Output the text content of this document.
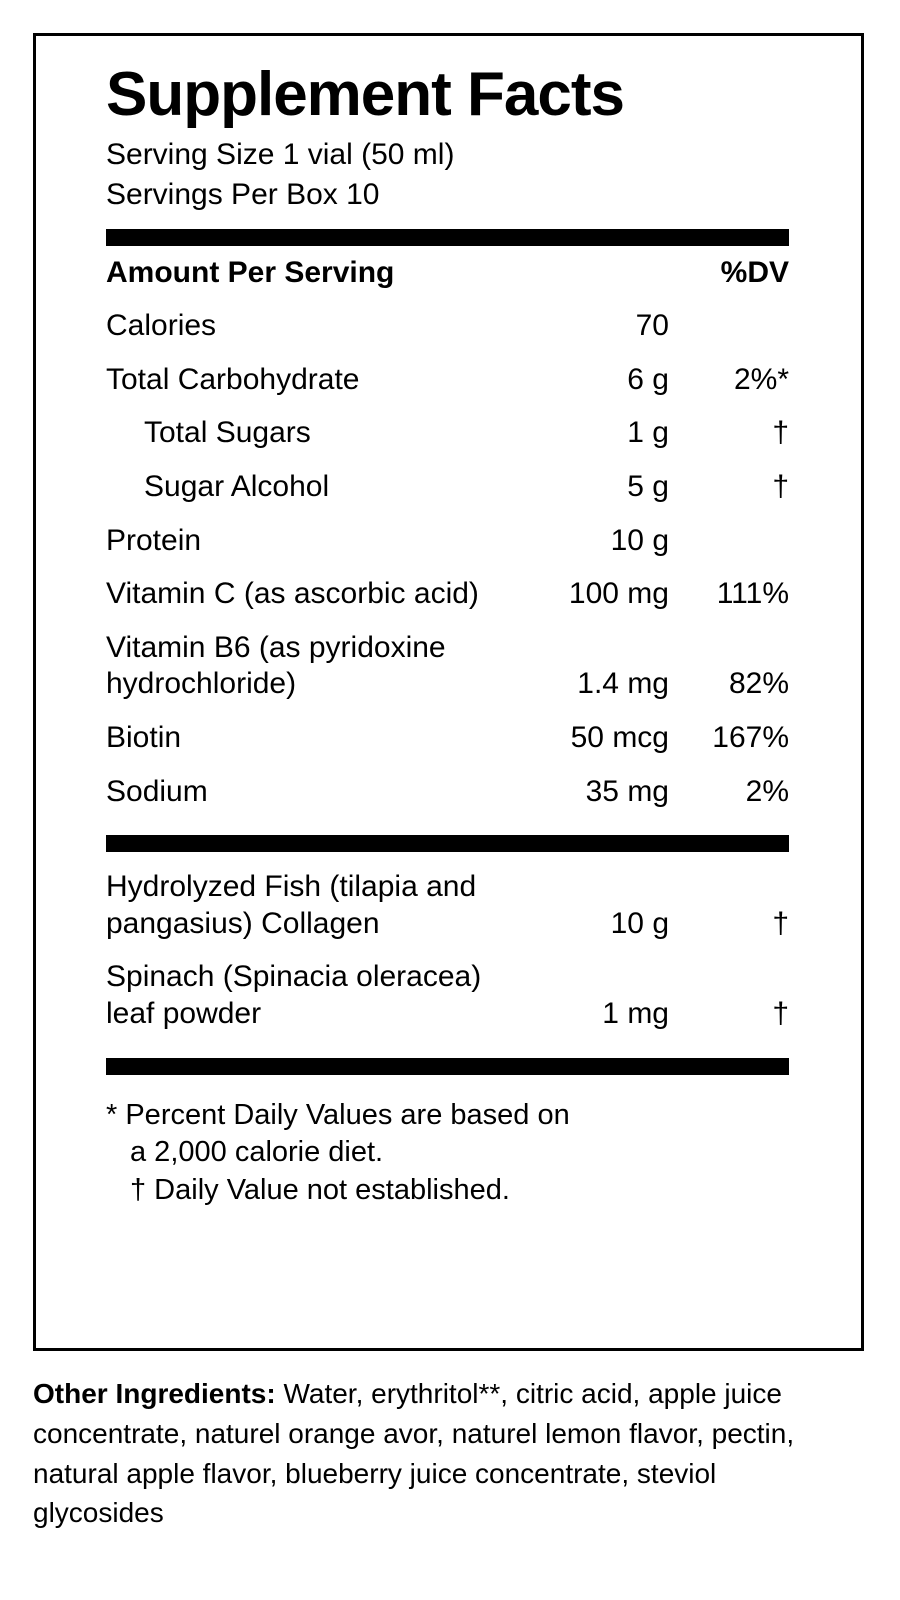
Supplement Facts
Serving Size 1 vial (50 ml)
Servings Per Box 10
Amount Per Serving		%DV
Calories	70	
Total Carbohydrate	6 g	2%*
Total Sugars	1 g	†
Sugar Alcohol	5 g	†
Protein	10 g	
Vitamin C (as ascorbic acid)	100 mg	111%
Vitamin B6 (as pyridoxine hydrochloride)	1.4 mg	82%
Biotin	50 mcg	167%
Sodium	35 mg	2%

Hydrolyzed Fish (tilapia and pangasius) Collagen	10 g	†
Spinach (Spinacia oleracea) leaf powder	1 mg	†

* Percent Daily Values are based on
a 2,000 calorie diet.
† Daily Value not established.
Other Ingredients: Water, erythritol**, citric acid, apple juice concentrate, naturel orange avor, naturel lemon flavor, pectin, natural apple flavor, blueberry juice concentrate, steviol glycosides
